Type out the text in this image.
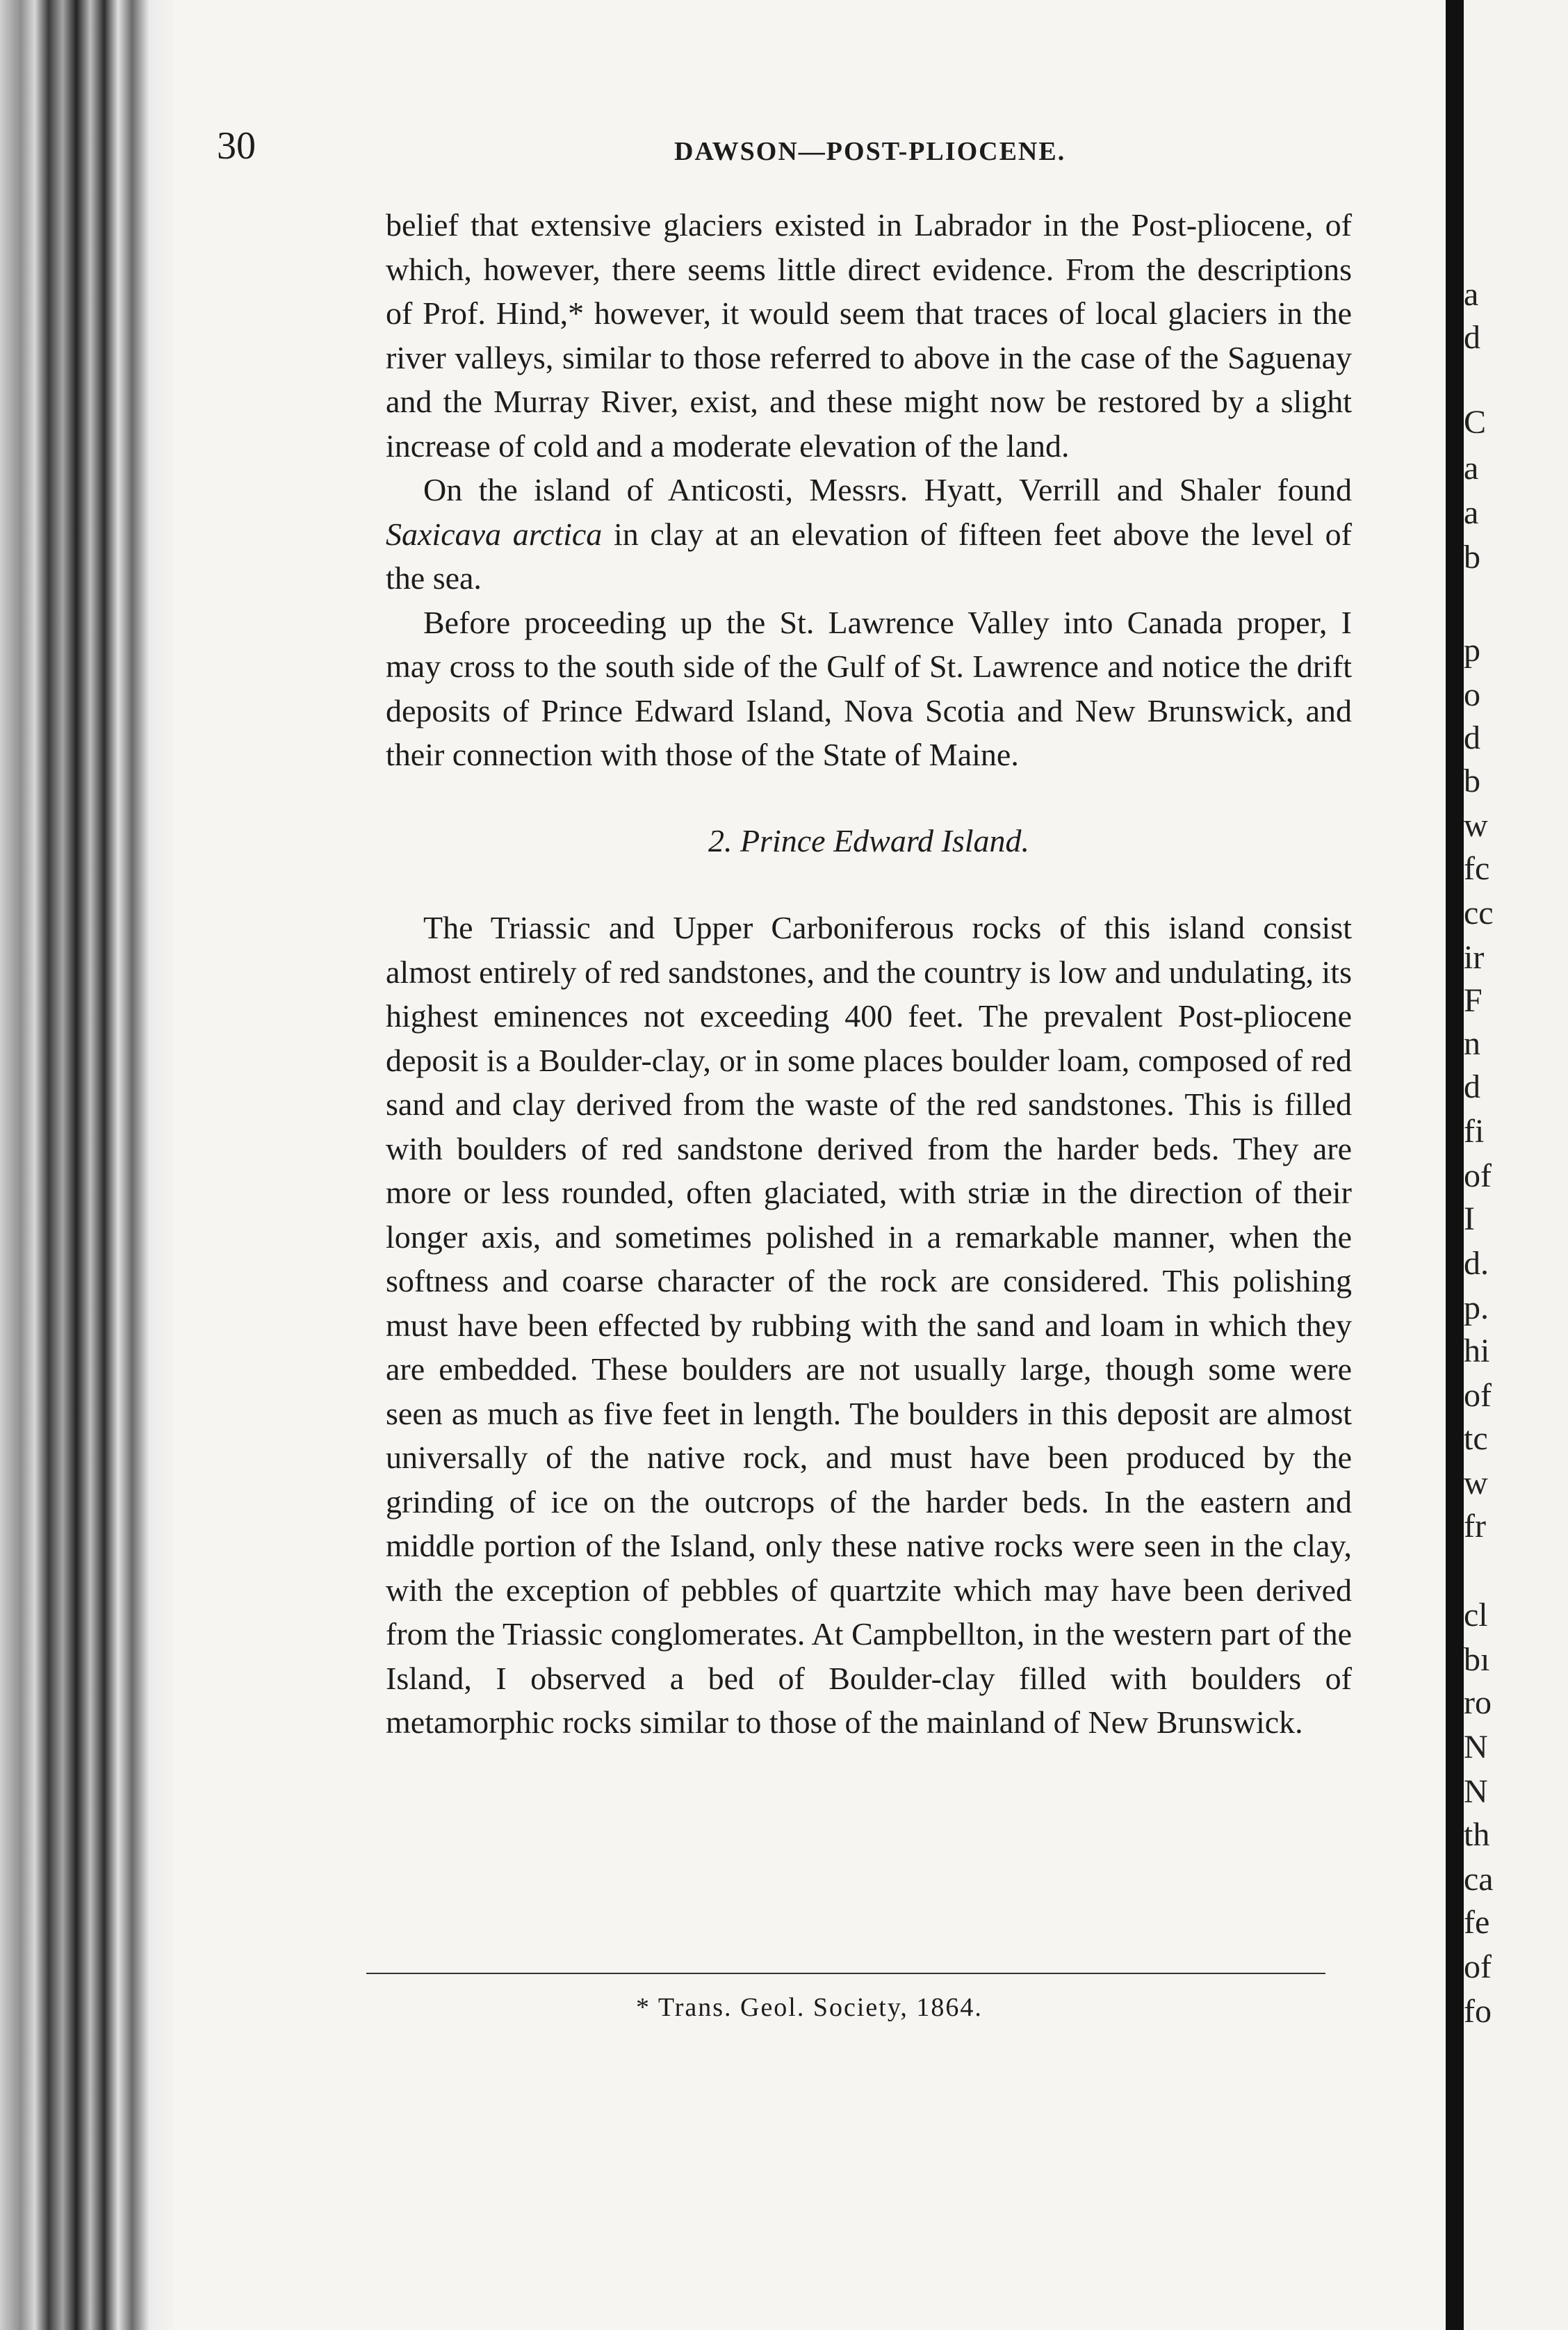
30	DAWSON—POST-PLIOCENE.

belief that extensive glaciers existed in Labrador in the Post-pliocene, of which, however, there seems little direct evidence. From the descriptions of Prof. Hind,* however, it would seem that traces of local glaciers in the river valleys, similar to those referred to above in the case of the Saguenay and the Murray River, exist, and these might now be restored by a slight increase of cold and a moderate elevation of the land.

On the island of Anticosti, Messrs. Hyatt, Verrill and Shaler found Saxicava arctica in clay at an elevation of fifteen feet above the level of the sea.

Before proceeding up the St. Lawrence Valley into Canada proper, I may cross to the south side of the Gulf of St. Lawrence and notice the drift deposits of Prince Edward Island, Nova Scotia and New Brunswick, and their connection with those of the State of Maine.

2. Prince Edward Island.

The Triassic and Upper Carboniferous rocks of this island consist almost entirely of red sandstones, and the country is low and undulating, its highest eminences not exceeding 400 feet. The prevalent Post-pliocene deposit is a Boulder-clay, or in some places boulder loam, composed of red sand and clay derived from the waste of the red sandstones. This is filled with boulders of red sandstone derived from the harder beds. They are more or less rounded, often glaciated, with striæ in the direction of their longer axis, and sometimes polished in a remarkable manner, when the softness and coarse character of the rock are considered. This polishing must have been effected by rubbing with the sand and loam in which they are embedded. These boulders are not usually large, though some were seen as much as five feet in length. The boulders in this deposit are almost universally of the native rock, and must have been produced by the grinding of ice on the outcrops of the harder beds. In the eastern and middle portion of the Island, only these native rocks were seen in the clay, with the exception of pebbles of quartzite which may have been derived from the Triassic conglomerates. At Campbellton, in the western part of the Island, I observed a bed of Boulder-clay filled with boulders of metamorphic rocks similar to those of the mainland of New Brunswick.

* Trans. Geol. Society, 1864.
a
d
C
a
a
b
p
o
d
b
w
fc
cc
ir
F
n
d
fi
of
I
d.
p.
hi
of
tc
w
fr
cl
bı
ro
N
N
th
ca
fe
of
fo
